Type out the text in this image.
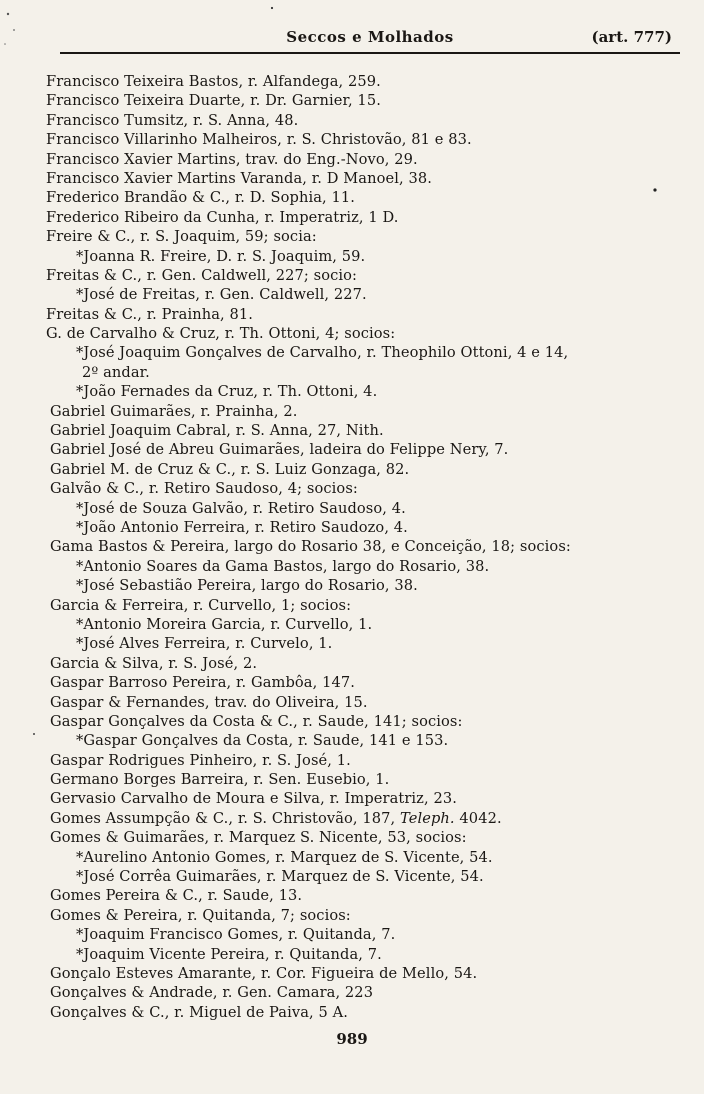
Seccos e Molhados	(art. 777)
Francisco Teixeira Bastos, r. Alfandega, 259.
Francisco Teixeira Duarte, r. Dr. Garnier, 15.
Francisco Tumsitz, r. S. Anna, 48.
Francisco Villarinho Malheiros, r. S. Christovão, 81 e 83.
Francisco Xavier Martins, trav. do Eng.-Novo, 29.
Francisco Xavier Martins Varanda, r. D Manoel, 38.
Frederico Brandão & C., r. D. Sophia, 11.
Frederico Ribeiro da Cunha, r. Imperatriz, 1 D.
Freire & C., r. S. Joaquim, 59; socia:
*Joanna R. Freire, D. r. S. Joaquim, 59.
Freitas & C., r. Gen. Caldwell, 227; socio:
*José de Freitas, r. Gen. Caldwell, 227.
Freitas & C., r. Prainha, 81.
G. de Carvalho & Cruz, r. Th. Ottoni, 4; socios:
*José Joaquim Gonçalves de Carvalho, r. Theophilo Ottoni, 4 e 14,
2º andar.
*João Fernades da Cruz, r. Th. Ottoni, 4.
Gabriel Guimarães, r. Prainha, 2.
Gabriel Joaquim Cabral, r. S. Anna, 27, Nith.
Gabriel José de Abreu Guimarães, ladeira do Felippe Nery, 7.
Gabriel M. de Cruz & C., r. S. Luiz Gonzaga, 82.
Galvão & C., r. Retiro Saudoso, 4; socios:
*José de Souza Galvão, r. Retiro Saudoso, 4.
*João Antonio Ferreira, r. Retiro Saudozo, 4.
Gama Bastos & Pereira, largo do Rosario 38, e Conceição, 18; socios:
*Antonio Soares da Gama Bastos, largo do Rosario, 38.
*José Sebastião Pereira, largo do Rosario, 38.
Garcia & Ferreira, r. Curvello, 1; socios:
*Antonio Moreira Garcia, r. Curvello, 1.
*José Alves Ferreira, r. Curvelo, 1.
Garcia & Silva, r. S. José, 2.
Gaspar Barroso Pereira, r. Gambôa, 147.
Gaspar & Fernandes, trav. do Oliveira, 15.
Gaspar Gonçalves da Costa & C., r. Saude, 141; socios:
*Gaspar Gonçalves da Costa, r. Saude, 141 e 153.
Gaspar Rodrigues Pinheiro, r. S. José, 1.
Germano Borges Barreira, r. Sen. Eusebio, 1.
Gervasio Carvalho de Moura e Silva, r. Imperatriz, 23.
Gomes Assumpção & C., r. S. Christovão, 187, Teleph. 4042.
Gomes & Guimarães, r. Marquez S. Nicente, 53, socios:
*Aurelino Antonio Gomes, r. Marquez de S. Vicente, 54.
*José Corrêa Guimarães, r. Marquez de S. Vicente, 54.
Gomes Pereira & C., r. Saude, 13.
Gomes & Pereira, r. Quitanda, 7; socios:
*Joaquim Francisco Gomes, r. Quitanda, 7.
*Joaquim Vicente Pereira, r. Quitanda, 7.
Gonçalo Esteves Amarante, r. Cor. Figueira de Mello, 54.
Gonçalves & Andrade, r. Gen. Camara, 223
Gonçalves & C., r. Miguel de Paiva, 5 A.
989
